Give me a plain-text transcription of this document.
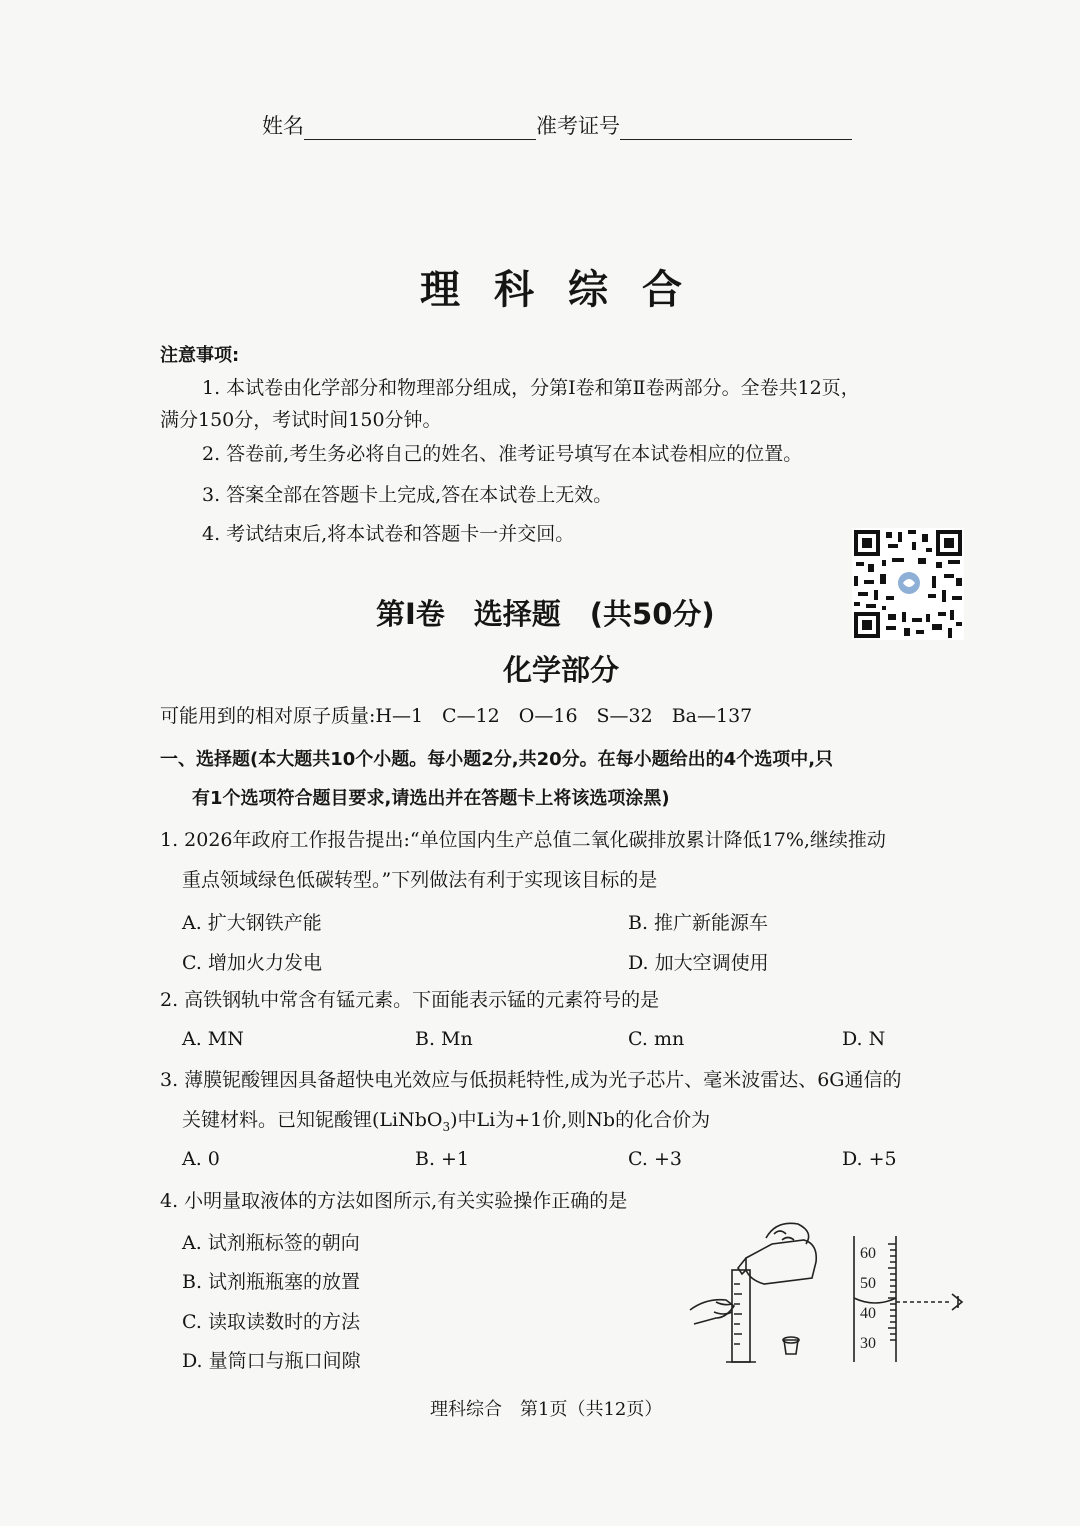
姓名	准考证号
理科综合
注意事项:
1. 本试卷由化学部分和物理部分组成，分第Ⅰ卷和第Ⅱ卷两部分。全卷共12页，
满分150分，考试时间150分钟。
2. 答卷前,考生务必将自己的姓名、准考证号填写在本试卷相应的位置。
3. 答案全部在答题卡上完成,答在本试卷上无效。
4. 考试结束后,将本试卷和答题卡一并交回。
第Ⅰ卷　选择题　(共50分)
化学部分
可能用到的相对原子质量:H—1　C—12　O—16　S—32　Ba—137
一、选择题(本大题共10个小题。每小题2分,共20分。在每小题给出的4个选项中,只
有1个选项符合题目要求,请选出并在答题卡上将该选项涂黑)
1. 2026年政府工作报告提出:“单位国内生产总值二氧化碳排放累计降低17%,继续推动
重点领域绿色低碳转型。”下列做法有利于实现该目标的是
A. 扩大钢铁产能	B. 推广新能源车
C. 增加火力发电	D. 加大空调使用
2. 高铁钢轨中常含有锰元素。下面能表示锰的元素符号的是
A. MN	B. Mn	C. mn	D. N
3. 薄膜铌酸锂因具备超快电光效应与低损耗特性,成为光子芯片、毫米波雷达、6G通信的
关键材料。已知铌酸锂(LiNbO$_3$)中Li为+1价,则Nb的化合价为
A. 0	B. +1	C. +3	D. +5
4. 小明量取液体的方法如图所示,有关实验操作正确的是
A. 试剂瓶标签的朝向
B. 试剂瓶瓶塞的放置
C. 读取读数时的方法
D. 量筒口与瓶口间隙
60
50
40
30
理科综合　第1页（共12页）
